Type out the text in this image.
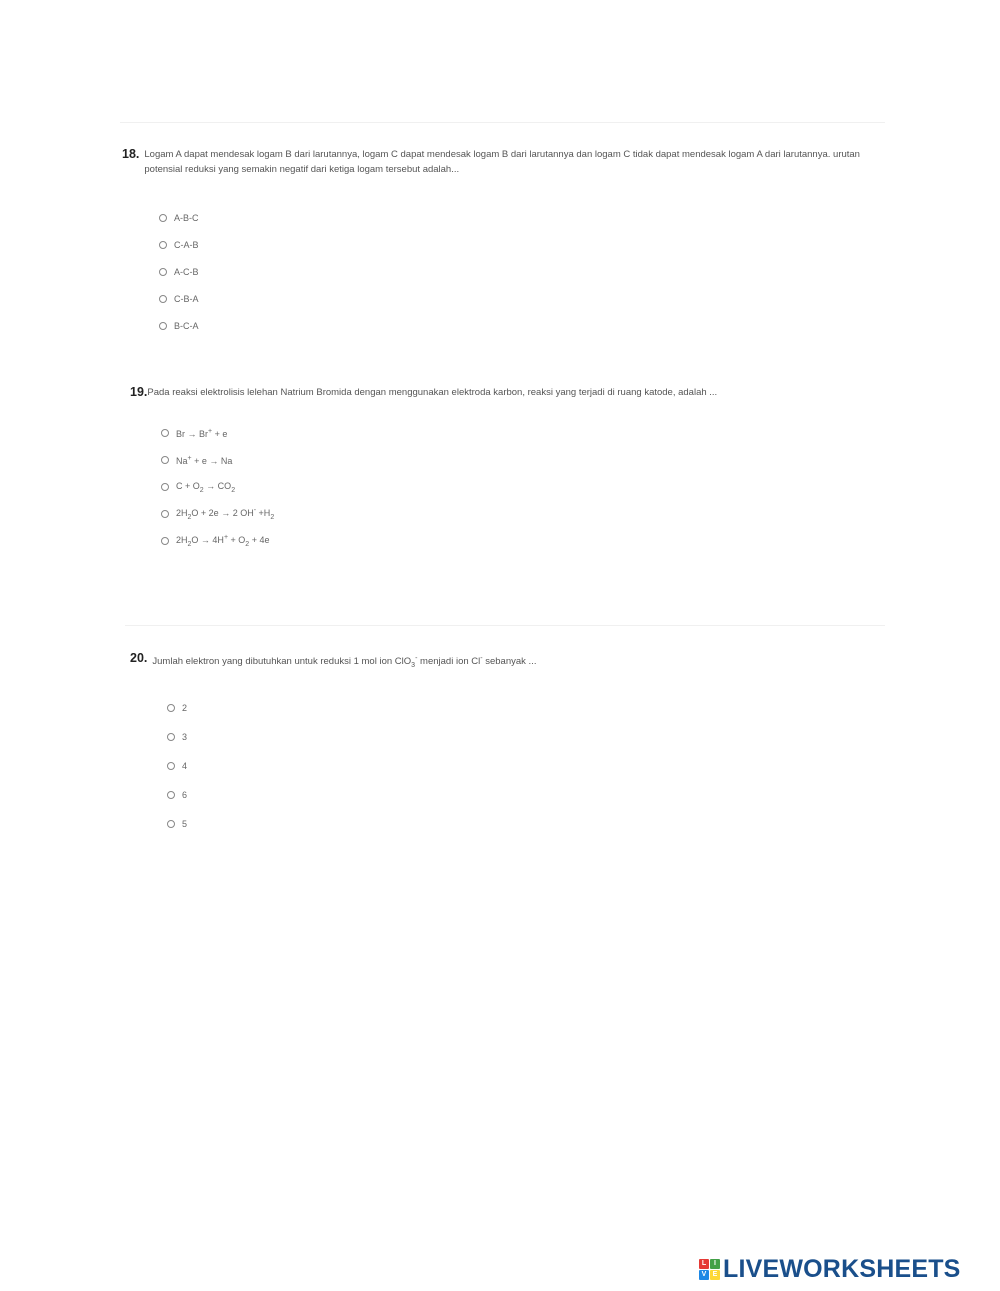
18. Logam A dapat mendesak logam B dari larutannya, logam C dapat mendesak logam B dari larutannya dan logam C tidak dapat mendesak logam A dari larutannya. urutan potensial reduksi yang semakin negatif dari ketiga logam tersebut adalah...
A-B-C
C-A-B
A-C-B
C-B-A
B-C-A
19. Pada reaksi elektrolisis lelehan Natrium Bromida dengan menggunakan elektroda karbon, reaksi yang terjadi di ruang katode, adalah ...
Br → Br+ + e
Na+ + e → Na
$C + O_2 \to CO_2$
$2H_2O + 2e \to 2$ $OH^- +H_2$
$2H_2O \to 4H^+ + O_2 + 4e$
20. Jumlah elektron yang dibutuhkan untuk reduksi 1 mol ion ClO$_3$- menjadi ion Cl- sebanyak ...
2
3
4
6
5
L	I
V E LIVEWORKSHEETS
